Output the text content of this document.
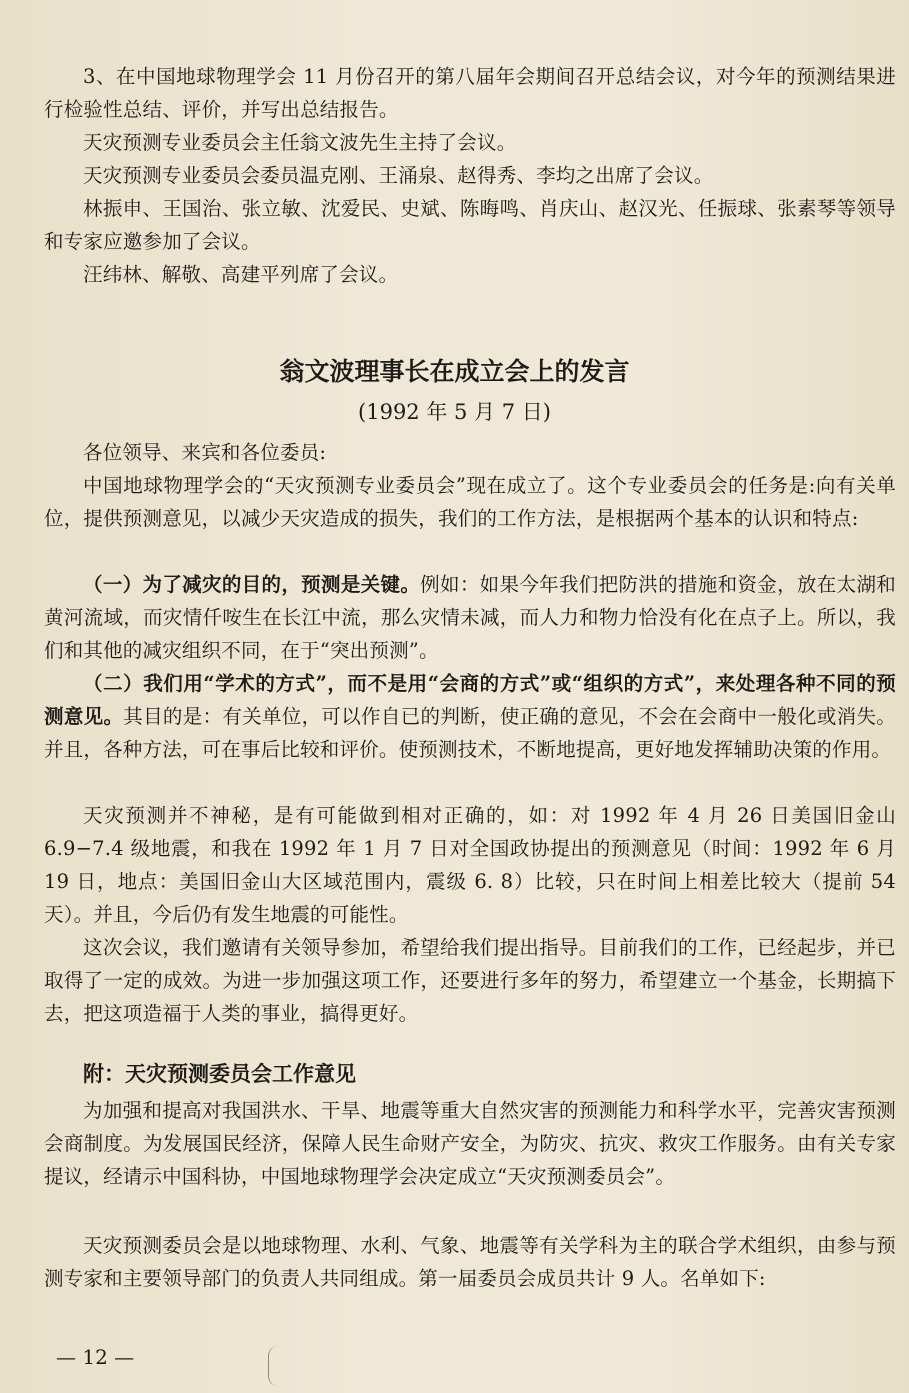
3、在中国地球物理学会 11 月份召开的第八届年会期间召开总结会议，对今年的预测结果进行检验性总结、评价，并写出总结报告。

天灾预测专业委员会主任翁文波先生主持了会议。

天灾预测专业委员会委员温克刚、王涌泉、赵得秀、李均之出席了会议。

林振申、王国治、张立敏、沈爱民、史斌、陈晦鸣、肖庆山、赵汉光、任振球、张素琴等领导和专家应邀参加了会议。

汪纬林、解敬、高建平列席了会议。

翁文波理事长在成立会上的发言
(1992 年 5 月 7 日)

各位领导、来宾和各位委员:

中国地球物理学会的“天灾预测专业委员会”现在成立了。这个专业委员会的任务是:向有关单位，提供预测意见，以减少天灾造成的损失，我们的工作方法，是根据两个基本的认识和特点:

（一）为了减灾的目的，预测是关键。例如：如果今年我们把防洪的措施和资金，放在太湖和黄河流域，而灾情仟咹生在长江中流，那么灾情未减，而人力和物力恰没有化在点子上。所以，我们和其他的减灾组织不同，在于“突出预测”。

（二）我们用“学术的方式”，而不是用“会商的方式”或“组织的方式”，来处理各种不同的预测意见。其目的是：有关单位，可以作自已的判断，使正确的意见，不会在会商中一般化或消失。并且，各种方法，可在事后比较和评价。使预测技术，不断地提高，更好地发挥辅助决策的作用。

天灾预测并不神秘，是有可能做到相对正确的，如：对 1992 年 4 月 26 日美国旧金山 6.9−7.4 级地震，和我在 1992 年 1 月 7 日对全国政协提出的预测意见（时间：1992 年 6 月 19 日，地点：美国旧金山大区域范围内，震级 6. 8）比较，只在时间上相差比较大（提前 54 天）。并且，今后仍有发生地震的可能性。

这次会议，我们邀请有关领导参加，希望给我们提出指导。目前我们的工作，已经起步，并已取得了一定的成效。为进一步加强这项工作，还要进行多年的努力，希望建立一个基金，长期搞下去，把这项造福于人类的事业，搞得更好。

附：天灾预测委员会工作意见

为加强和提高对我国洪水、干旱、地震等重大自然灾害的预测能力和科学水平，完善灾害预测会商制度。为发展国民经济，保障人民生命财产安全，为防灾、抗灾、救灾工作服务。由有关专家提议，经请示中国科协，中国地球物理学会决定成立“天灾预测委员会”。

天灾预测委员会是以地球物理、水利、气象、地震等有关学科为主的联合学术组织，由参与预测专家和主要领导部门的负责人共同组成。第一届委员会成员共计 9 人。名单如下:

— 12 —
